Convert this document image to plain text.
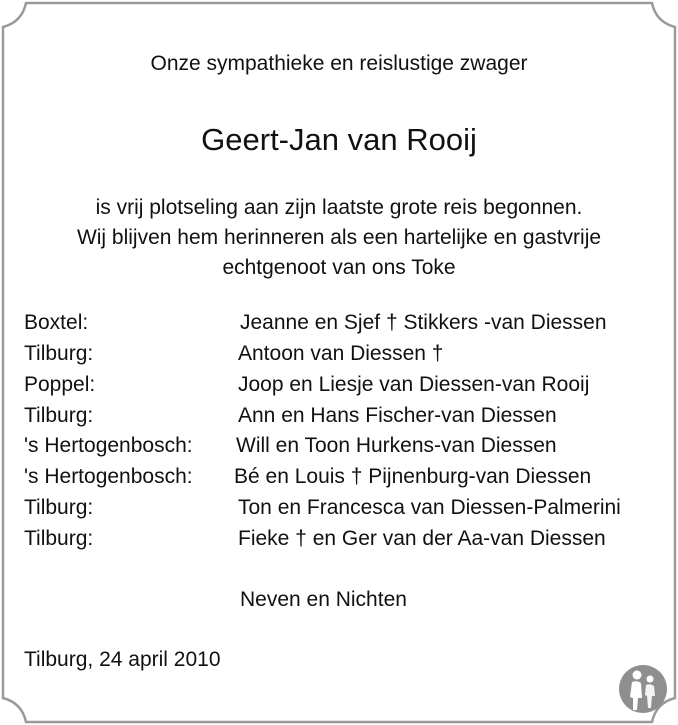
Onze sympathieke en reislustige zwager
Geert-Jan van Rooij
is vrij plotseling aan zijn laatste grote reis begonnen.
Wij blijven hem herinneren als een hartelijke en gastvrije
echtgenoot van ons Toke
Boxtel:	Jeanne en Sjef † Stikkers -van Diessen
Tilburg:	Antoon van Diessen †
Poppel:	Joop en Liesje van Diessen-van Rooij
Tilburg:	Ann en Hans Fischer-van Diessen
's Hertogenbosch: Will en Toon Hurkens-van Diessen
's Hertogenbosch: Bé en Louis † Pijnenburg-van Diessen
Tilburg:	Ton en Francesca van Diessen-Palmerini
Tilburg:	Fieke † en Ger van der Aa-van Diessen
Neven en Nichten
Tilburg, 24 april 2010
